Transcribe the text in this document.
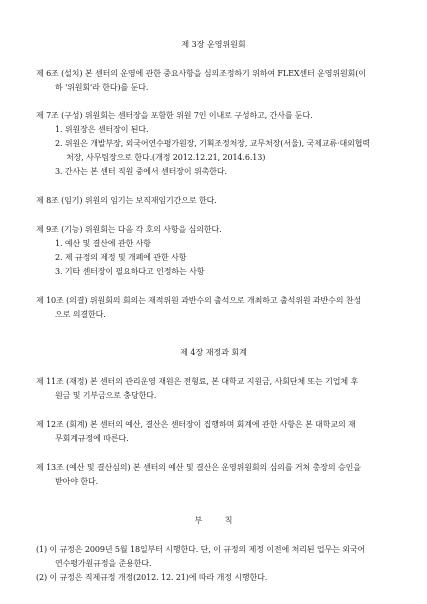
제 3장 운영위원회
제 6조 (설치) 본 센터의 운영에 관한 중요사항을 심의조정하기 위하여 FLEX센터 운영위원회(이
하 '위원회'라 한다)를 둔다.
제 7조 (구성) 위원회는 센터장을 포함한 위원 7인 이내로 구성하고, 간사를 둔다.
1. 위원장은 센터장이 된다.
2. 위원은 개발부장, 외국어연수평가원장, 기획조정처장, 교무처장(서울), 국제교류·대외협력
처장, 사무팀장으로 한다.(개정 2012.12.21, 2014.6.13)
3. 간사는 본 센터 직원 중에서 센터장이 위촉한다.
제 8조 (임기) 위원의 임기는 보직재임기간으로 한다.
제 9조 (기능) 위원회는 다음 각 호의 사항을 심의한다.
1. 예산 및 결산에 관한 사항
2. 제 규정의 제정 및 개폐에 관한 사항
3. 기타 센터장이 필요하다고 인정하는 사항
제 10조 (의결) 위원회의 회의는 재적위원 과반수의 출석으로 개최하고 출석위원 과반수의 찬성
으로 의결한다.
제 4장 재정과 회계
제 11조 (재정) 본 센터의 관리운영 재원은 전형료, 본 대학교 지원금, 사회단체 또는 기업체 후
원금 및 기부금으로 충당한다.
제 12조 (회계) 본 센터의 예산, 결산은 센터장이 집행하며 회계에 관한 사항은 본 대학교의 재
무회계규정에 따른다.
제 13조 (예산 및 결산심의) 본 센터의 예산 및 결산은 운영위원회의 심의를 거쳐 총장의 승인을
받아야 한다.
부 칙
(1) 이 규정은 2009년 5월 18일부터 시행한다. 단, 이 규정의 제정 이전에 처리된 업무는 외국어
연수평가원규정을 준용한다.
(2) 이 규정은 직제규정 개정(2012. 12. 21)에 따라 개정 시행한다.
